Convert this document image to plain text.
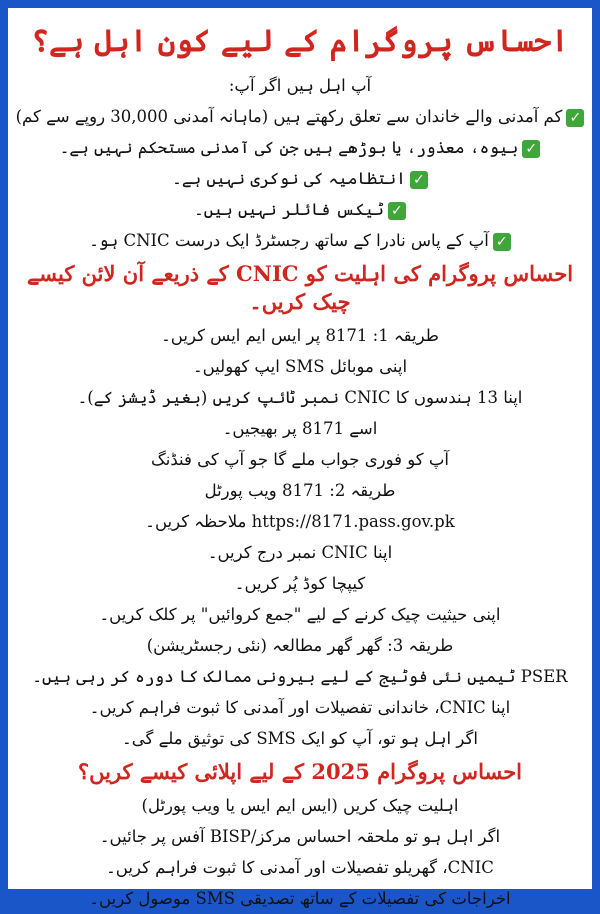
احساس پروگرام کے لیے کون اہل ہے؟
آپ اہل ہیں اگر آپ:
✓کم آمدنی والے خاندان سے تعلق رکھتے ہیں (ماہانہ آمدنی 30,000 روپے سے کم)
✓بیوہ، معذور، یا بوڑھے ہیں جن کی آمدنی مستحکم نہیں ہے۔
✓انتظامیہ کی نوکری نہیں ہے۔
✓ٹیکس فائلر نہیں ہیں۔
✓آپ کے پاس نادرا کے ساتھ رجسٹرڈ ایک درست CNIC ہو۔
احساس پروگرام کی اہلیت کو CNIC کے ذریعے آن لائن کیسے چیک کریں۔
طریقہ 1: 8171 پر ایس ایم ایس کریں۔
اپنی موبائل SMS ایپ کھولیں۔
اپنا 13 ہندسوں کا CNIC نمبر ٹائپ کریں (بغیر ڈیشز کے)۔
اسے 8171 پر بھیجیں۔
آپ کو فوری جواب ملے گا جو آپ کی فنڈنگ
طریقہ 2: 8171 ویب پورٹل
https://8171.pass.gov.pk ملاحظہ کریں۔
اپنا CNIC نمبر درج کریں۔
کیپچا کوڈ پُر کریں۔
اپنی حیثیت چیک کرنے کے لیے "جمع کروائیں" پر کلک کریں۔
طریقہ 3: گھر گھر مطالعہ (نئی رجسٹریشن)
PSER ٹیمیں نئی فوٹیج کے لیے بیرونی ممالک کا دورہ کر رہی ہیں۔
اپنا CNIC، خاندانی تفصیلات اور آمدنی کا ثبوت فراہم کریں۔
اگر اہل ہو تو، آپ کو ایک SMS کی توثیق ملے گی۔
احساس پروگرام 2025 کے لیے اپلائی کیسے کریں؟
اہلیت چیک کریں (ایس ایم ایس یا ویب پورٹل)
اگر اہل ہو تو ملحقہ احساس مرکز/BISP آفس پر جائیں۔
CNIC، گھریلو تفصیلات اور آمدنی کا ثبوت فراہم کریں۔
اخراجات کی تفصیلات کے ساتھ تصدیقی SMS موصول کریں۔
